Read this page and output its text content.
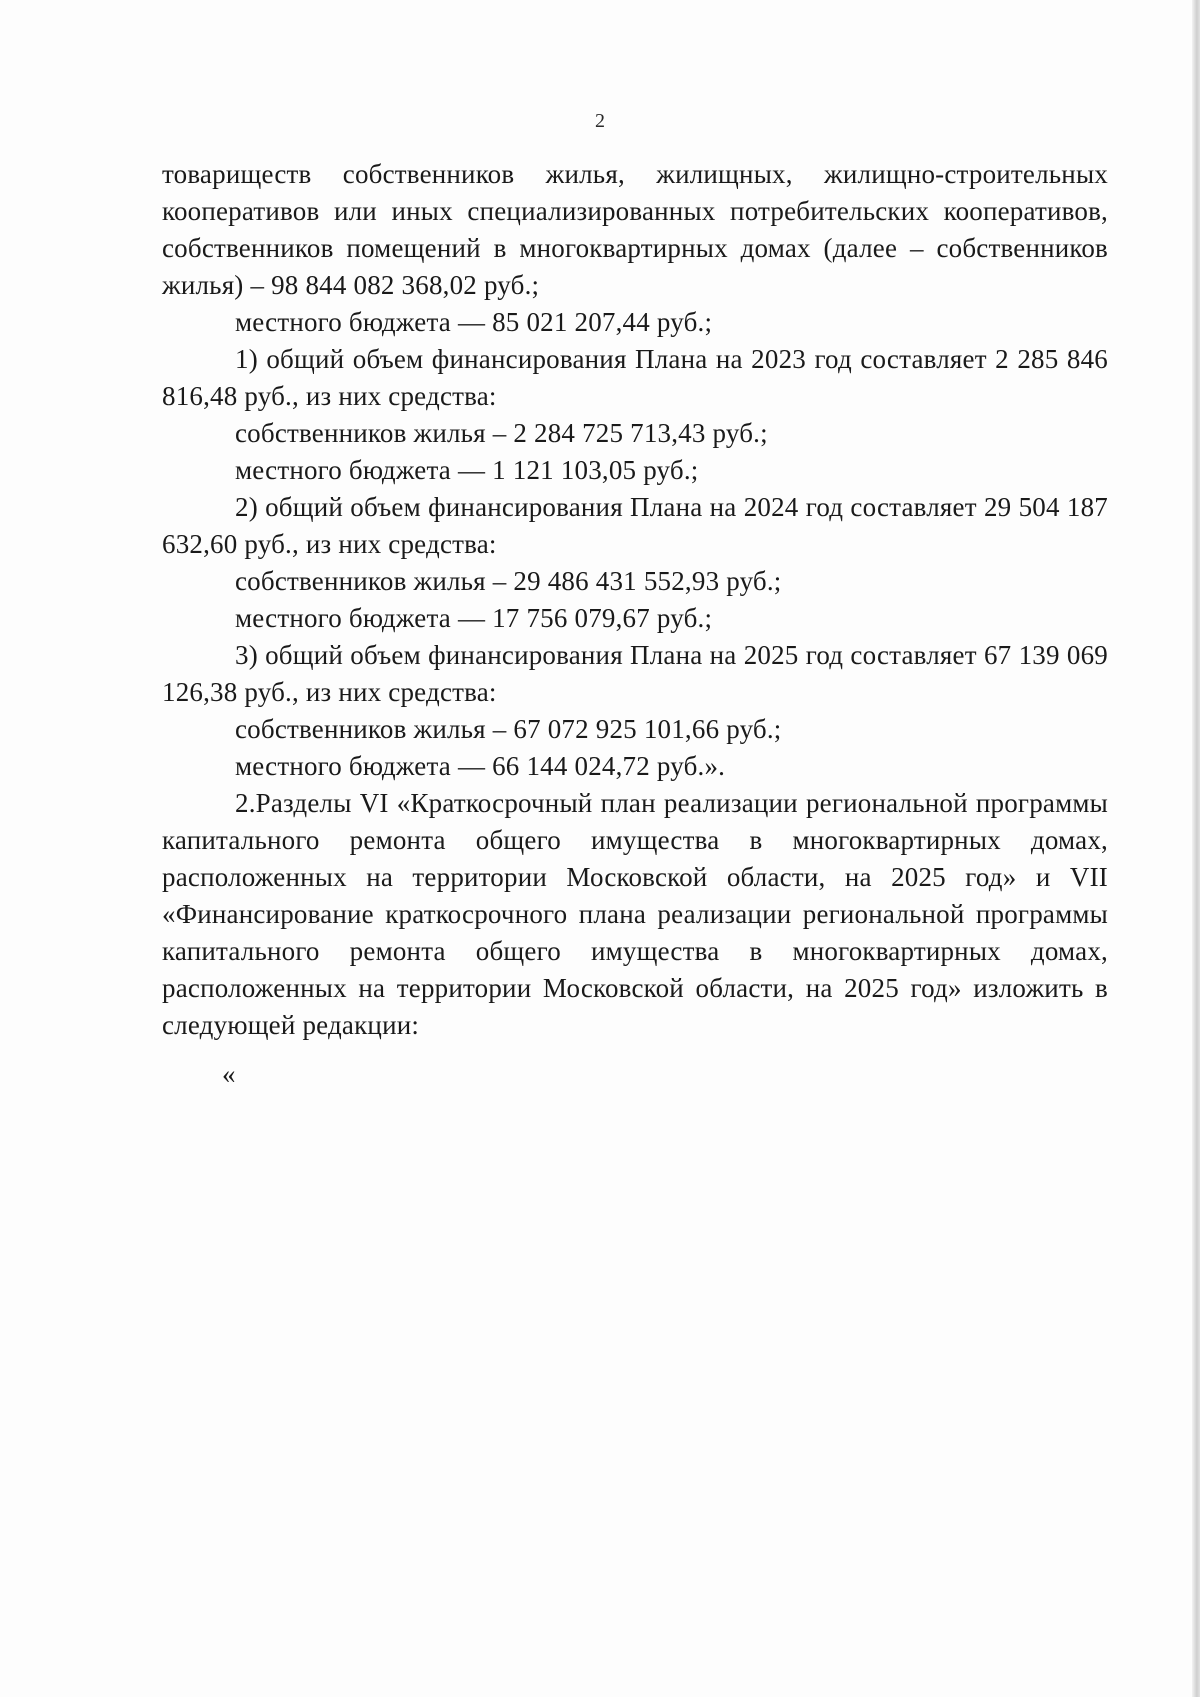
2

товариществ собственников жилья, жилищных, жилищно-строительных кооперативов или иных специализированных потребительских кооперативов, собственников помещений в многоквартирных домах (далее – собственников жилья) – 98 844 082 368,02 руб.;

местного бюджета — 85 021 207,44 руб.;

1) общий объем финансирования Плана на 2023 год составляет 2 285 846 816,48 руб., из них средства:

собственников жилья – 2 284 725 713,43 руб.;

местного бюджета — 1 121 103,05 руб.;

2) общий объем финансирования Плана на 2024 год составляет 29 504 187 632,60 руб., из них средства:

собственников жилья – 29 486 431 552,93 руб.;

местного бюджета — 17 756 079,67 руб.;

3) общий объем финансирования Плана на 2025 год составляет 67 139 069 126,38 руб., из них средства:

собственников жилья – 67 072 925 101,66 руб.;

местного бюджета — 66 144 024,72 руб.».

2.Разделы VI «Краткосрочный план реализации региональной программы капитального ремонта общего имущества в многоквартирных домах, расположенных на территории Московской области, на 2025 год» и VII «Финансирование краткосрочного плана реализации региональной программы капитального ремонта общего имущества в многоквартирных домах, расположенных на территории Московской области, на 2025 год» изложить в следующей редакции:

«
